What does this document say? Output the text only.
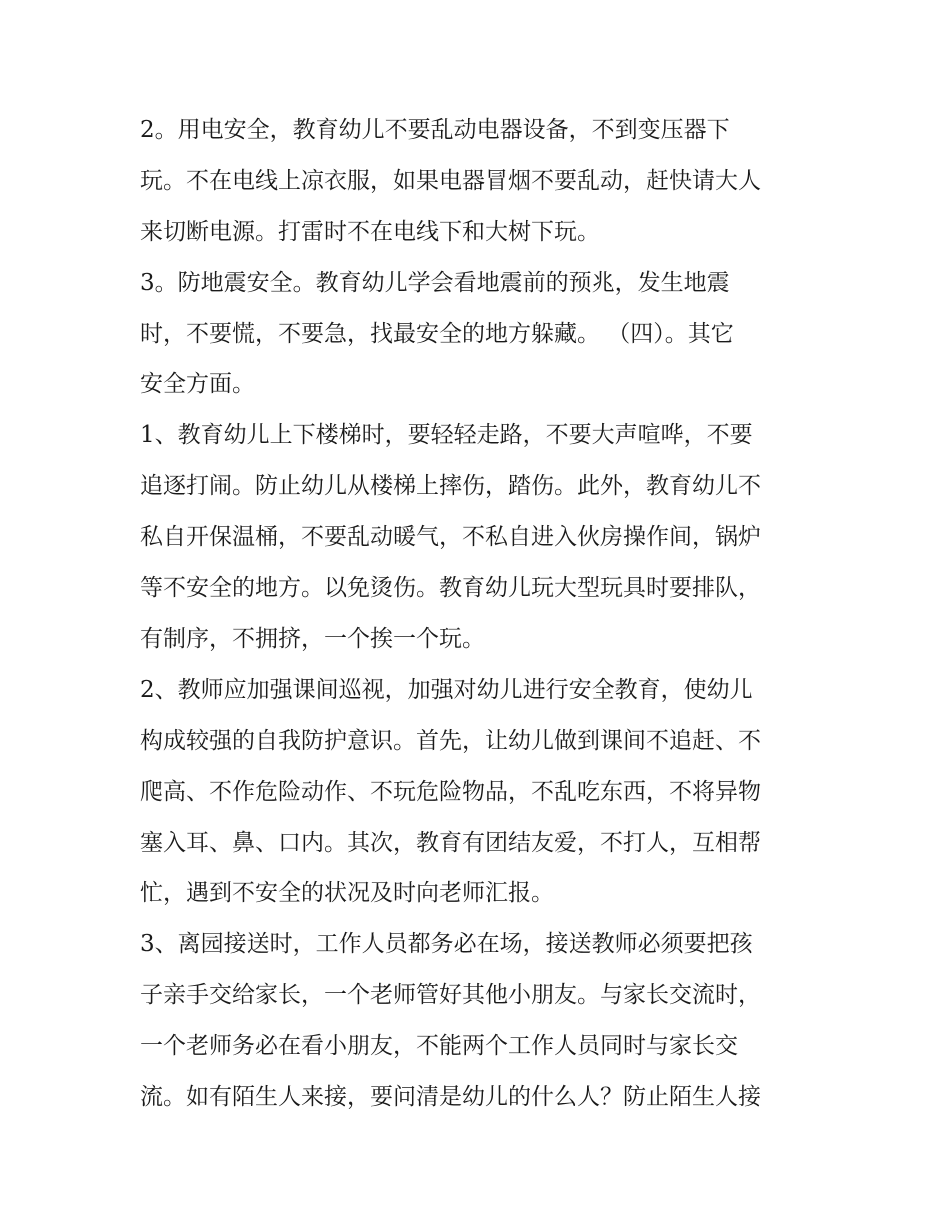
2。用电安全，教育幼儿不要乱动电器设备，不到变压器下
玩。不在电线上凉衣服，如果电器冒烟不要乱动，赶快请大人
来切断电源。打雷时不在电线下和大树下玩。
3。防地震安全。教育幼儿学会看地震前的预兆，发生地震
时，不要慌，不要急，找最安全的地方躲藏。 （四）。其它
安全方面。
1、教育幼儿上下楼梯时，要轻轻走路，不要大声喧哗，不要
追逐打闹。防止幼儿从楼梯上摔伤，踏伤。此外，教育幼儿不
私自开保温桶，不要乱动暖气，不私自进入伙房操作间，锅炉
等不安全的地方。以免烫伤。教育幼儿玩大型玩具时要排队，
有制序，不拥挤，一个挨一个玩。
2、教师应加强课间巡视，加强对幼儿进行安全教育，使幼儿
构成较强的自我防护意识。首先，让幼儿做到课间不追赶、不
爬高、不作危险动作、不玩危险物品，不乱吃东西，不将异物
塞入耳、鼻、口内。其次，教育有团结友爱，不打人，互相帮
忙，遇到不安全的状况及时向老师汇报。
3、离园接送时，工作人员都务必在场，接送教师必须要把孩
子亲手交给家长，一个老师管好其他小朋友。与家长交流时，
一个老师务必在看小朋友，不能两个工作人员同时与家长交
流。如有陌生人来接，要问清是幼儿的什么人？防止陌生人接
